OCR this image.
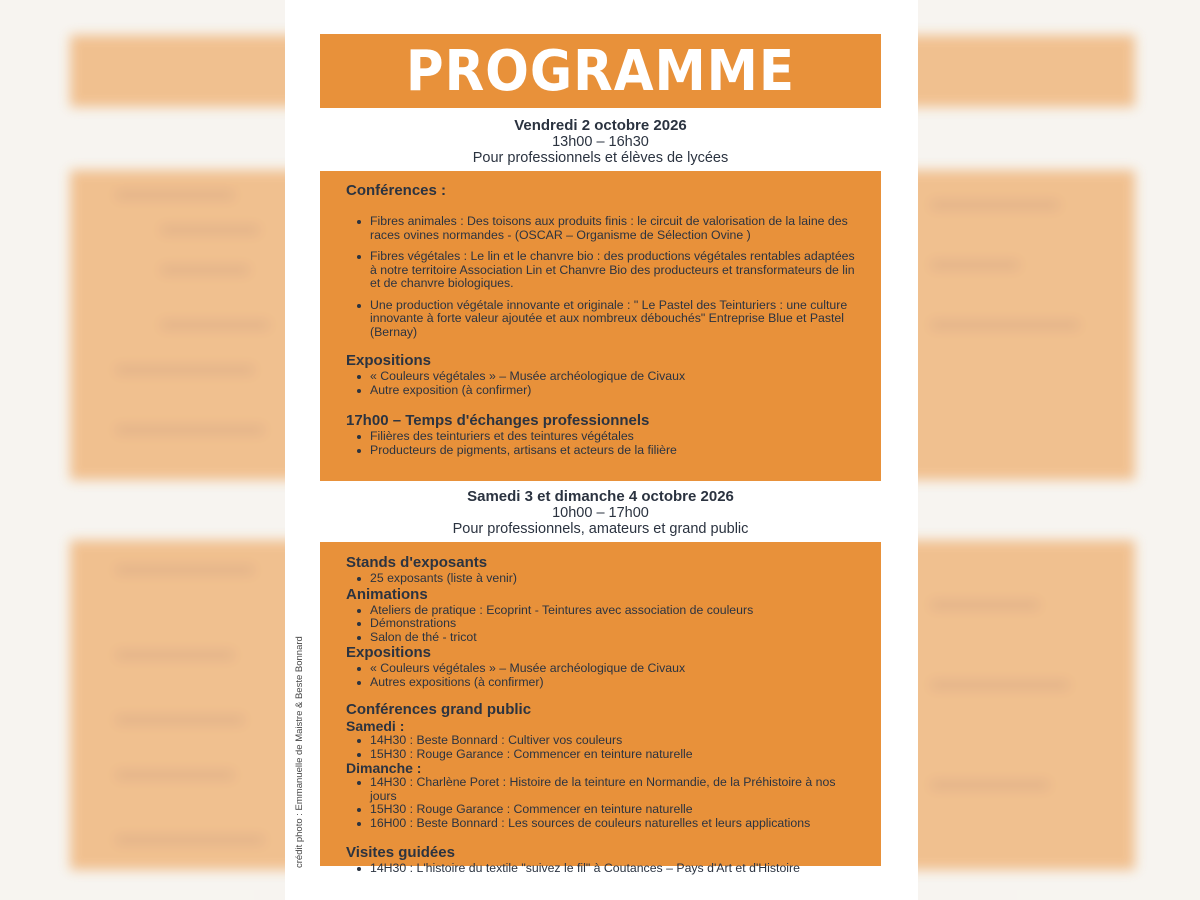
PROGRAMME
Vendredi 2 octobre 2026
13h00 – 16h30
Pour professionnels et élèves de lycées
Conférences :
Fibres animales : Des toisons aux produits finis : le circuit de valorisation de la laine des races ovines normandes - (OSCAR – Organisme de Sélection Ovine )
Fibres végétales : Le lin et le chanvre bio : des productions végétales rentables adaptées à notre territoire Association Lin et Chanvre Bio des producteurs et transformateurs de lin et de chanvre biologiques.
Une production végétale innovante et originale : " Le Pastel des Teinturiers : une culture innovante à forte valeur ajoutée et aux nombreux débouchés" Entreprise Blue et Pastel (Bernay)
Expositions
« Couleurs végétales » – Musée archéologique de Civaux
Autre exposition (à confirmer)
17h00 – Temps d'échanges professionnels
Filières des teinturiers et des teintures végétales
Producteurs de pigments, artisans et acteurs de la filière
Samedi 3 et dimanche 4 octobre 2026
10h00 – 17h00
Pour professionnels, amateurs et grand public
Stands d'exposants
25 exposants (liste à venir)
Animations
Ateliers de pratique : Ecoprint - Teintures avec association de couleurs
Démonstrations
Salon de thé - tricot
Expositions
« Couleurs végétales » – Musée archéologique de Civaux
Autres expositions (à confirmer)
Conférences grand public
Samedi :
14H30 : Beste Bonnard : Cultiver vos couleurs
15H30 : Rouge Garance : Commencer en teinture naturelle
Dimanche :
14H30 : Charlène Poret : Histoire de la teinture en Normandie, de la Préhistoire à nos jours
15H30 : Rouge Garance : Commencer en teinture naturelle
16H00 : Beste Bonnard : Les sources de couleurs naturelles et leurs applications
Visites guidées
14H30 : L'histoire du textile "suivez le fil" à Coutances – Pays d'Art et d'Histoire
crédit photo : Emmanuelle de Maistre & Beste Bonnard
